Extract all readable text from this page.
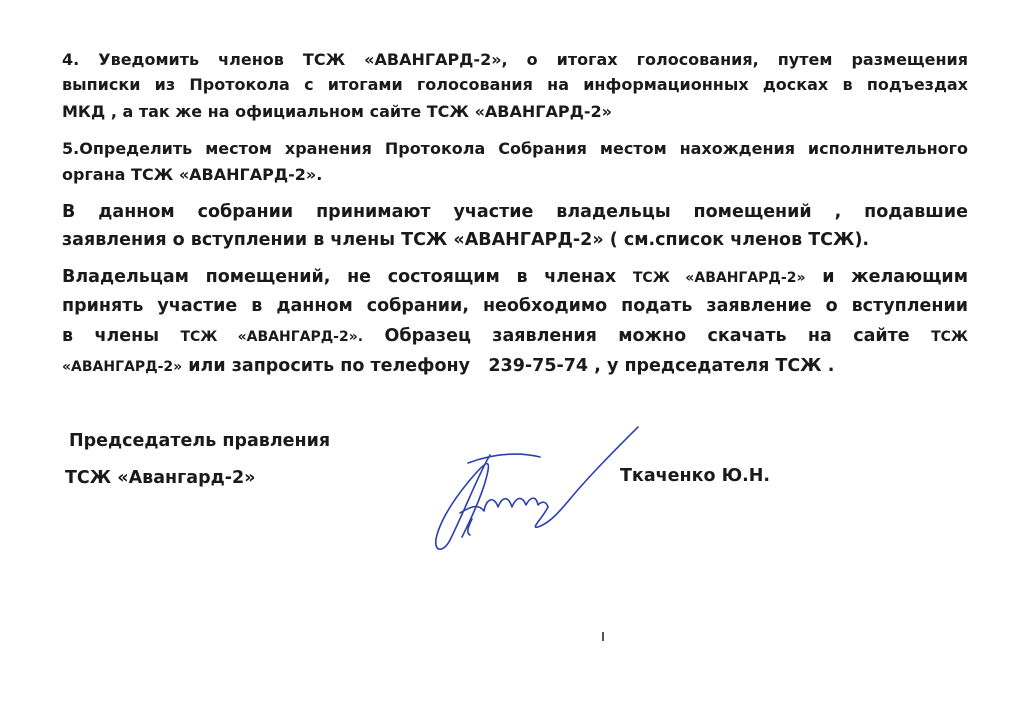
4. Уведомить членов ТСЖ «АВАНГАРД-2», о итогах голосования, путем размещения
выписки из Протокола с итогами голосования на информационных досках в подъездах
МКД , а так же на официальном сайте ТСЖ «АВАНГАРД-2»
5.Определить местом хранения Протокола Собрания местом нахождения исполнительного
органа ТСЖ «АВАНГАРД-2».
В данном собрании принимают участие владельцы помещений , подавшие
заявления о вступлении в члены ТСЖ «АВАНГАРД-2» ( см.список членов ТСЖ).
Владельцам помещений, не состоящим в членах ТСЖ «АВАНГАРД-2» и желающим
принять участие в данном собрании, необходимо подать заявление о вступлении
в члены ТСЖ «АВАНГАРД-2». Образец заявления можно скачать на сайте ТСЖ
«АВАНГАРД-2» или запросить по телефону 239-75-74 , у председателя ТСЖ .
Председатель правления
ТСЖ «Авангард-2»	Ткаченко Ю.Н.
